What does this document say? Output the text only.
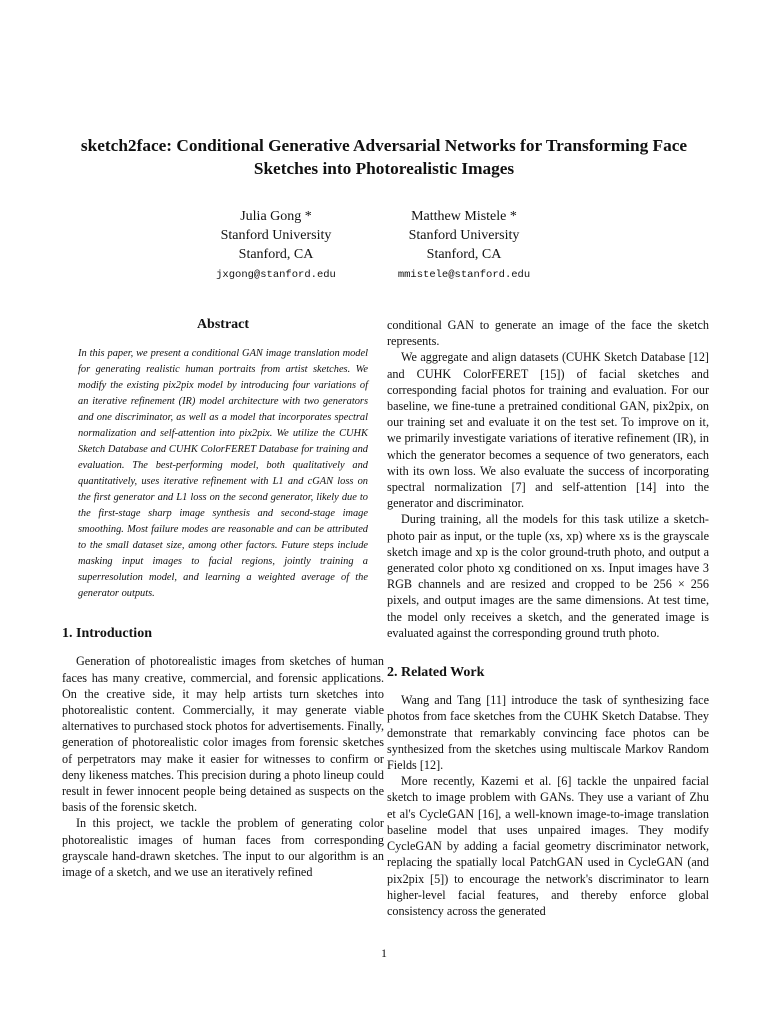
sketch2face: Conditional Generative Adversarial Networks for Transforming Face Sketches into Photorealistic Images
Julia Gong *
Stanford University
Stanford, CA
jxgong@stanford.edu
Matthew Mistele *
Stanford University
Stanford, CA
mmistele@stanford.edu
Abstract

In this paper, we present a conditional GAN image translation model for generating realistic human portraits from artist sketches. We modify the existing pix2pix model by introducing four variations of an iterative refinement (IR) model architecture with two generators and one discriminator, as well as a model that incorporates spectral normalization and self-attention into pix2pix. We utilize the CUHK Sketch Database and CUHK ColorFERET Database for training and evaluation. The best-performing model, both qualitatively and quantitatively, uses iterative refinement with L1 and cGAN loss on the first generator and L1 loss on the second generator, likely due to the first-stage sharp image synthesis and second-stage image smoothing. Most failure modes are reasonable and can be attributed to the small dataset size, among other factors. Future steps include masking input images to facial regions, jointly training a superresolution model, and learning a weighted average of the generator outputs.

1. Introduction

Generation of photorealistic images from sketches of human faces has many creative, commercial, and forensic applications. On the creative side, it may help artists turn sketches into photorealistic content. Commercially, it may generate viable alternatives to purchased stock photos for advertisements. Finally, generation of photorealistic color images from forensic sketches of perpetrators may make it easier for witnesses to confirm or deny likeness matches. This precision during a photo lineup could result in fewer innocent people being detained as suspects on the basis of the forensic sketch.

In this project, we tackle the problem of generating color photorealistic images of human faces from corresponding grayscale hand-drawn sketches. The input to our algorithm is an image of a sketch, and we use an iteratively refined

conditional GAN to generate an image of the face the sketch represents.

We aggregate and align datasets (CUHK Sketch Database [12] and CUHK ColorFERET [15]) of facial sketches and corresponding facial photos for training and evaluation. For our baseline, we fine-tune a pretrained conditional GAN, pix2pix, on our training set and evaluate it on the test set. To improve on it, we primarily investigate variations of iterative refinement (IR), in which the generator becomes a sequence of two generators, each with its own loss. We also evaluate the success of incorporating spectral normalization [7] and self-attention [14] into the generator and discriminator.

During training, all the models for this task utilize a sketch-photo pair as input, or the tuple (xs, xp) where xs is the grayscale sketch image and xp is the color ground-truth photo, and output a generated color photo xg conditioned on xs. Input images have 3 RGB channels and are resized and cropped to be 256 × 256 pixels, and output images are the same dimensions. At test time, the model only receives a sketch, and the generated image is evaluated against the corresponding ground truth photo.

2. Related Work

Wang and Tang [11] introduce the task of synthesizing face photos from face sketches from the CUHK Sketch Databse. They demonstrate that remarkably convincing face photos can be synthesized from the sketches using multiscale Markov Random Fields [12].

More recently, Kazemi et al. [6] tackle the unpaired facial sketch to image problem with GANs. They use a variant of Zhu et al's CycleGAN [16], a well-known image-to-image translation baseline model that uses unpaired images. They modify CycleGAN by adding a facial geometry discriminator network, replacing the spatially local PatchGAN used in CycleGAN (and pix2pix [5]) to encourage the network's discriminator to learn higher-level facial features, and thereby enforce global consistency across the generated

1
